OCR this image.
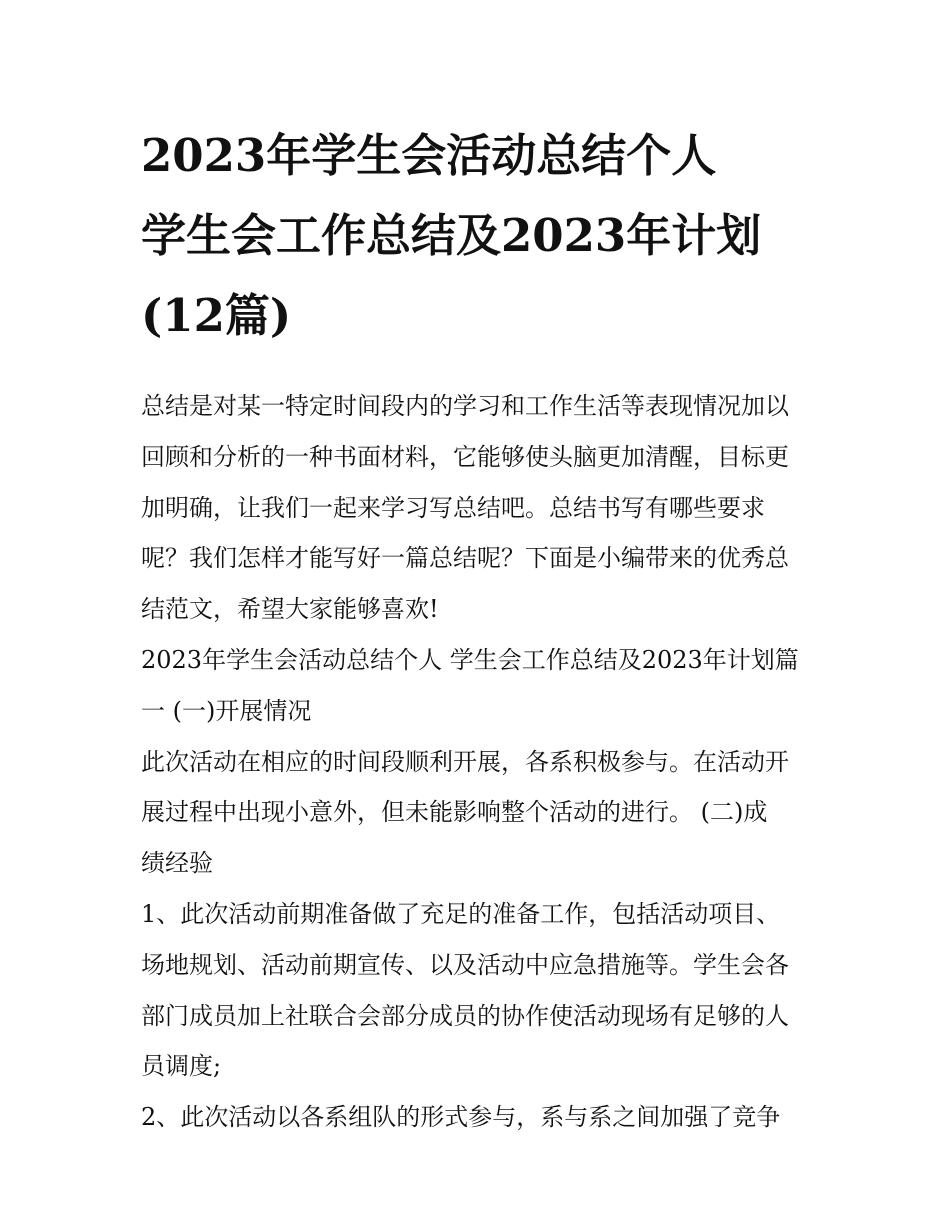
2023年学生会活动总结个人
学生会工作总结及2023年计划
(12篇)

总结是对某一特定时间段内的学习和工作生活等表现情况加以
回顾和分析的一种书面材料，它能够使头脑更加清醒，目标更
加明确，让我们一起来学习写总结吧。总结书写有哪些要求
呢？我们怎样才能写好一篇总结呢？下面是小编带来的优秀总
结范文，希望大家能够喜欢!

2023年学生会活动总结个人 学生会工作总结及2023年计划篇
一 (一)开展情况

此次活动在相应的时间段顺利开展，各系积极参与。在活动开
展过程中出现小意外，但未能影响整个活动的进行。 (二)成
绩经验

1、此次活动前期准备做了充足的准备工作，包括活动项目、
场地规划、活动前期宣传、以及活动中应急措施等。学生会各
部门成员加上社联合会部分成员的协作使活动现场有足够的人
员调度;

2、此次活动以各系组队的形式参与，系与系之间加强了竞争
